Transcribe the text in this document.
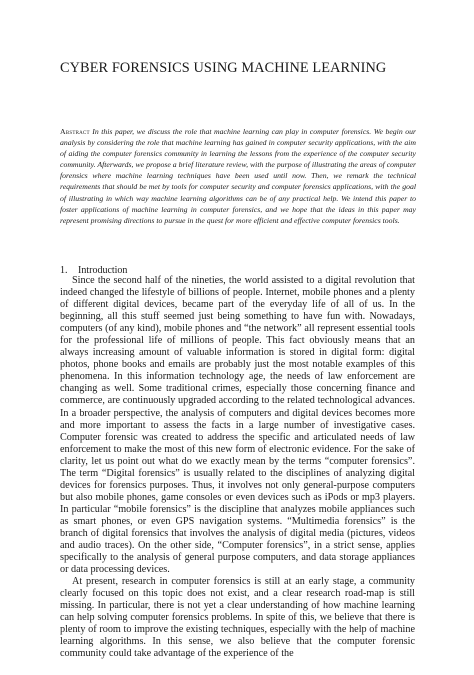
CYBER FORENSICS USING MACHINE LEARNING
Abstract In this paper, we discuss the role that machine learning can play in computer forensics. We begin our analysis by considering the role that machine learning has gained in computer security applications, with the aim of aiding the computer forensics community in learning the lessons from the experience of the computer security community. Afterwards, we propose a brief literature review, with the purpose of illustrating the areas of computer forensics where machine learning techniques have been used until now. Then, we remark the technical requirements that should be met by tools for computer security and computer forensics applications, with the goal of illustrating in which way machine learning algorithms can be of any practical help. We intend this paper to foster applications of machine learning in computer forensics, and we hope that the ideas in this paper may represent promising directions to pursue in the quest for more efficient and effective computer forensics tools.
1. Introduction

Since the second half of the nineties, the world assisted to a digital revolution that indeed changed the lifestyle of billions of people. Internet, mobile phones and a plenty of different digital devices, became part of the everyday life of all of us. In the beginning, all this stuff seemed just being something to have fun with. Nowadays, computers (of any kind), mobile phones and “the network” all represent essential tools for the professional life of millions of people. This fact obviously means that an always increasing amount of valuable information is stored in digital form: digital photos, phone books and emails are probably just the most notable examples of this phenomena. In this information technology age, the needs of law enforcement are changing as well. Some traditional crimes, especially those concerning finance and commerce, are continuously upgraded according to the related technological advances. In a broader perspective, the analysis of computers and digital devices becomes more and more important to assess the facts in a large number of investigative cases. Computer forensic was created to address the specific and articulated needs of law enforcement to make the most of this new form of electronic evidence. For the sake of clarity, let us point out what do we exactly mean by the terms “computer forensics”. The term “Digital forensics” is usually related to the disciplines of analyzing digital devices for forensics purposes. Thus, it involves not only general-purpose computers but also mobile phones, game consoles or even devices such as iPods or mp3 players. In particular “mobile forensics” is the discipline that analyzes mobile appliances such as smart phones, or even GPS navigation systems. “Multimedia forensics” is the branch of digital forensics that involves the analysis of digital media (pictures, videos and audio traces). On the other side, “Computer forensics”, in a strict sense, applies specifically to the analysis of general purpose computers, and data storage appliances or data processing devices.

At present, research in computer forensics is still at an early stage, a community clearly focused on this topic does not exist, and a clear research road-map is still missing. In particular, there is not yet a clear understanding of how machine learning can help solving computer forensics problems. In spite of this, we believe that there is plenty of room to improve the existing techniques, especially with the help of machine learning algorithms. In this sense, we also believe that the computer forensic community could take advantage of the experience of the
